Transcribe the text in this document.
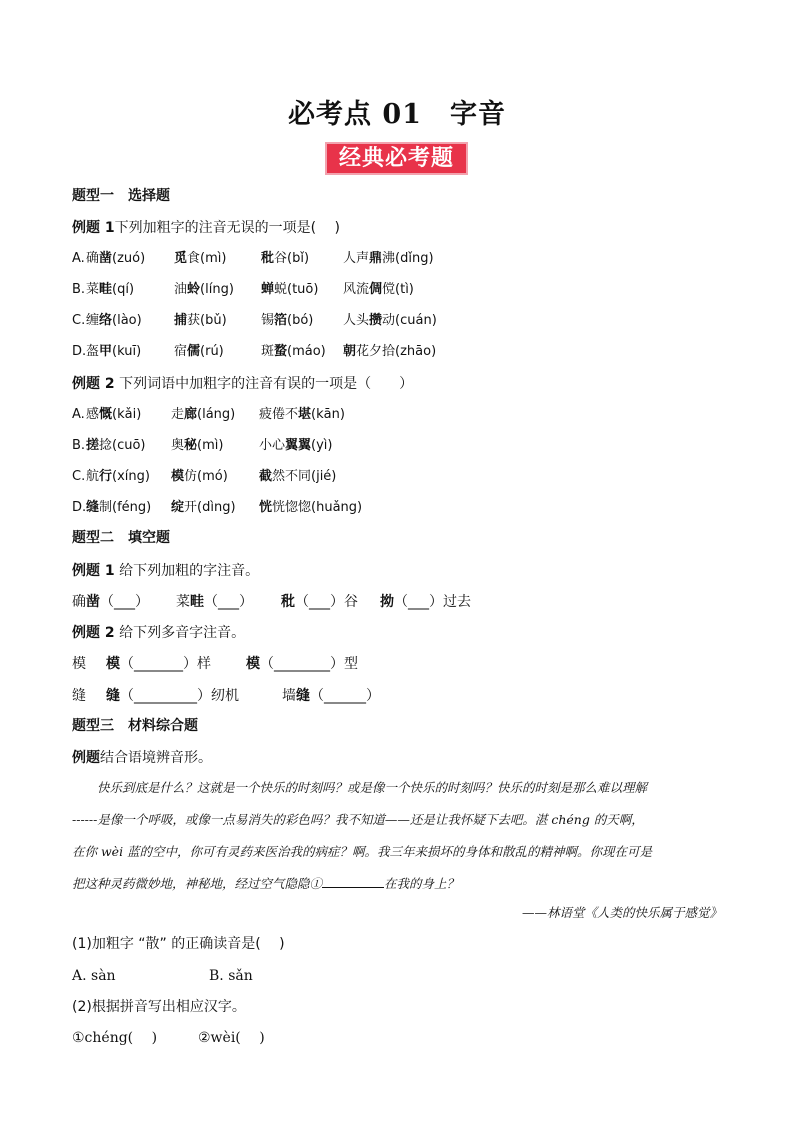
必考点 01　字音
经典必考题
题型一　选择题
例题 1下列加粗字的注音无误的一项是(　 )
A. 确凿(zuó) 觅食(mì)	秕谷(bǐ)	人声鼎沸(dǐng)
B. 菜畦(qí)	油蛉(líng) 蝉蜕(tuō) 风流倜傥(tì)
C. 缠络(lào) 捕获(bǔ)	锡箔(bó) 人头攒动(cuán)
D. 盔甲(kuī)	宿儒(rú)	斑蝥(máo) 朝花夕拾(zhāo)
例题 2 下列词语中加粗字的注音有误的一项是（　　）
A. 感慨(kǎi) 走廊(láng) 疲倦不堪(kān)
B. 搓捻(cuō) 奥秘(mì)	小心翼翼(yì)
C. 航行(xíng) 模仿(mó) 截然不同(jié)
D. 缝制(féng) 绽开(dìng) 恍恍惚惚(huǎng)
题型二　填空题
例题 1 给下列加粗的字注音。
确凿（___） 菜畦（___） 秕（___）谷 拗（___）过去
例题 2 给下列多音字注音。
模 模（_______）样	模（________）型
缝 缝（_________）纫机	墙缝（______）
题型三　材料综合题
例题结合语境辨音形。
　　快乐到底是什么？这就是一个快乐的时刻吗？或是像一个快乐的时刻吗？快乐的时刻是那么难以理解
------是像一个呼吸，或像一点易消失的彩色吗？我不知道——还是让我怀疑下去吧。湛 chéng 的天啊，
在你 wèi 蓝的空中，你可有灵药来医治我的病症？啊。我三年来损坏的身体和散乱的精神啊。你现在可是
把这种灵药微妙地，神秘地，经过空气隐隐①	在我的身上？
——林语堂《人类的快乐属于感觉》
(1)加粗字 “散” 的正确读音是(　 )
A. sàn	B. sǎn
(2)根据拼音写出相应汉字。
①chéng(　 )	②wèi(　 )
